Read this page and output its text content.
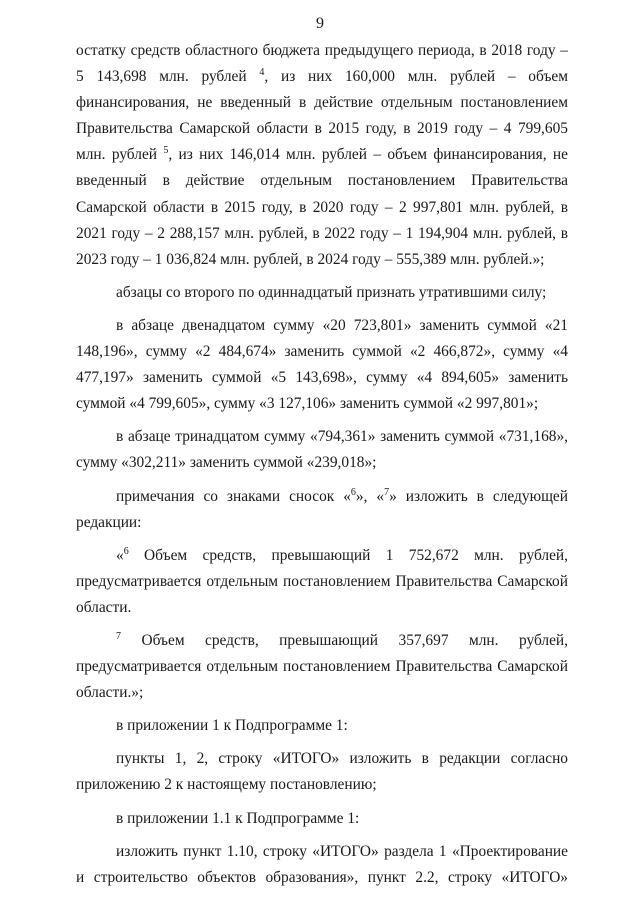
9

остатку средств областного бюджета предыдущего периода, в 2018 году – 5 143,698 млн. рублей $^4$, из них 160,000 млн. рублей – объем финансирования, не введенный в действие отдельным постановлением Правительства Самарской области в 2015 году, в 2019 году – 4 799,605 млн. рублей $^5$, из них 146,014 млн. рублей – объем финансирования, не введенный в действие отдельным постановлением Правительства Самарской области в 2015 году, в 2020 году – 2 997,801 млн. рублей, в 2021 году – 2 288,157 млн. рублей, в 2022 году – 1 194,904 млн. рублей, в 2023 году – 1 036,824 млн. рублей, в 2024 году – 555,389 млн. рублей.»;

абзацы со второго по одиннадцатый признать утратившими силу;

в абзаце двенадцатом сумму «20 723,801» заменить суммой «21 148,196», сумму «2 484,674» заменить суммой «2 466,872», сумму «4 477,197» заменить суммой «5 143,698», сумму «4 894,605» заменить суммой «4 799,605», сумму «3 127,106» заменить суммой «2 997,801»;

в абзаце тринадцатом сумму «794,361» заменить суммой «731,168», сумму «302,211» заменить суммой «239,018»;

примечания со знаками сносок «$^6$», «$^7$» изложить в следующей редакции:

«$^6$ Объем средств, превышающий 1 752,672 млн. рублей, предусматривается отдельным постановлением Правительства Самарской области.

$^7$ Объем средств, превышающий 357,697 млн. рублей, предусматривается отдельным постановлением Правительства Самарской области.»;

в приложении 1 к Подпрограмме 1:

пункты 1, 2, строку «ИТОГО» изложить в редакции согласно приложению 2 к настоящему постановлению;

в приложении 1.1 к Подпрограмме 1:

изложить пункт 1.10, строку «ИТОГО» раздела 1 «Проектирование и строительство объектов образования», пункт 2.2, строку «ИТОГО»
